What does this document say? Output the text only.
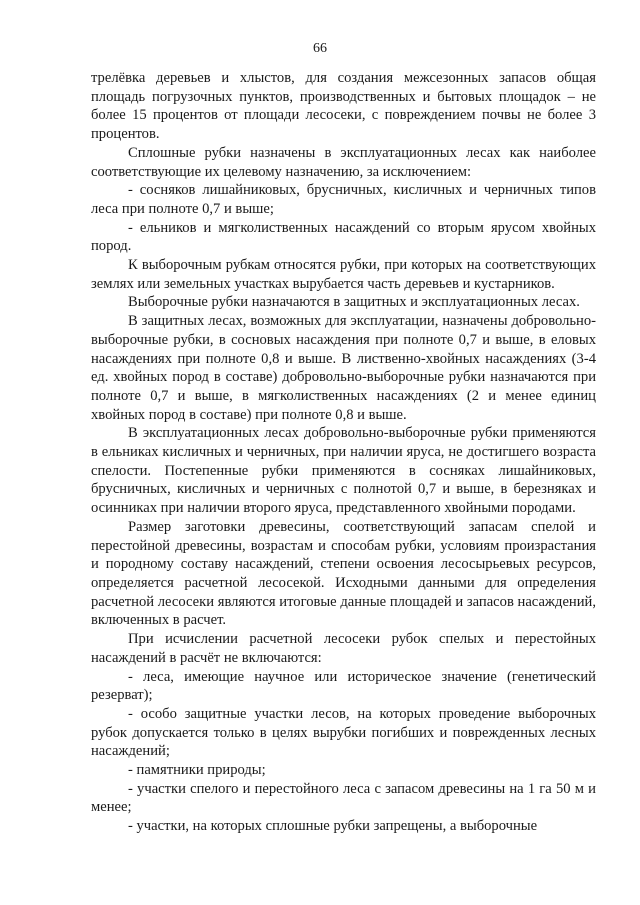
66

трелёвка деревьев и хлыстов, для создания межсезонных запасов общая площадь погрузочных пунктов, производственных и бытовых площадок – не более 15 процентов от площади лесосеки, с повреждением почвы не более 3 процентов.

Сплошные рубки назначены в эксплуатационных лесах как наиболее соответствующие их целевому назначению, за исключением:

- сосняков лишайниковых, брусничных, кисличных и черничных типов леса при полноте 0,7 и выше;

- ельников и мягколиственных насаждений со вторым ярусом хвойных пород.

К выборочным рубкам относятся рубки, при которых на соответствующих землях или земельных участках вырубается часть деревьев и кустарников.

Выборочные рубки назначаются в защитных и эксплуатационных лесах.

В защитных лесах, возможных для эксплуатации, назначены добровольно-выборочные рубки, в сосновых насаждения при полноте 0,7 и выше, в еловых насаждениях при полноте 0,8 и выше. В лиственно-хвойных насаждениях (3-4 ед. хвойных пород в составе) добровольно-выборочные рубки назначаются при полноте 0,7 и выше, в мягколиственных насаждениях (2 и менее единиц хвойных пород в составе) при полноте 0,8 и выше.

В эксплуатационных лесах добровольно-выборочные рубки применяются в ельниках кисличных и черничных, при наличии яруса, не достигшего возраста спелости. Постепенные рубки применяются в сосняках лишайниковых, брусничных, кисличных и черничных с полнотой 0,7 и выше, в березняках и осинниках при наличии второго яруса, представленного хвойными породами.

Размер заготовки древесины, соответствующий запасам спелой и перестойной древесины, возрастам и способам рубки, условиям произрастания и породному составу насаждений, степени освоения лесосырьевых ресурсов, определяется расчетной лесосекой. Исходными данными для определения расчетной лесосеки являются итоговые данные площадей и запасов насаждений, включенных в расчет.

При исчислении расчетной лесосеки рубок спелых и перестойных насаждений в расчёт не включаются:

- леса, имеющие научное или историческое значение (генетический резерват);

- особо защитные участки лесов, на которых проведение выборочных рубок допускается только в целях вырубки погибших и поврежденных лесных насаждений;

- памятники природы;

- участки спелого и перестойного леса с запасом древесины на 1 га 50 м и менее;

- участки, на которых сплошные рубки запрещены, а выборочные
